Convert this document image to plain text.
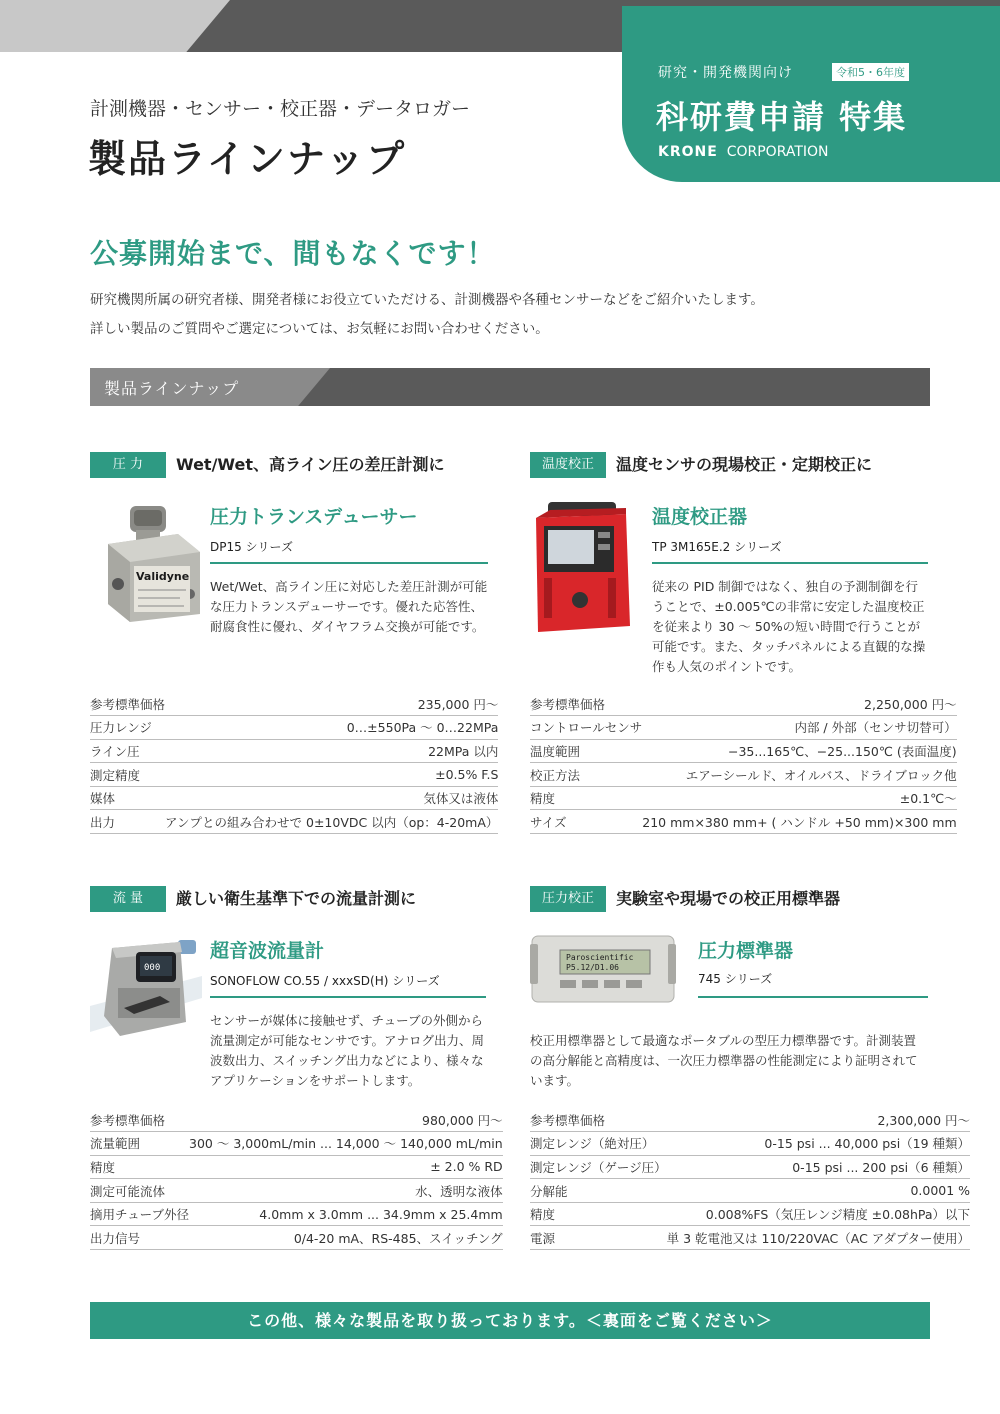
研究・開発機関向け	令和5・6年度
科研費申請 特集
KRONE CORPORATION
計測機器・センサー・校正器・データロガー
製品ラインナップ
公募開始まで、間もなくです！
研究機関所属の研究者様、開発者様にお役立ていただける、計測機器や各種センサーなどをご紹介いたします。
詳しい製品のご質問やご選定については、お気軽にお問い合わせください。
製品ラインナップ
圧 力	Wet/Wet、高ライン圧の差圧計測に
Validyne
圧力トランスデューサー
DP15 シリーズ
Wet/Wet、高ライン圧に対応した差圧計測が可能な圧力トランスデューサーです。優れた応答性、耐腐食性に優れ、ダイヤフラム交換が可能です。
参考標準価格	235,000 円〜
圧力レンジ	0…±550Pa 〜 0…22MPa
ライン圧	22MPa 以内
測定精度	±0.5% F.S
媒体	気体又は液体
出力	アンプとの組み合わせで 0±10VDC 以内（op：4-20mA）
温度校正	温度センサの現場校正・定期校正に
温度校正器
TP 3M165E.2 シリーズ
従来の PID 制御ではなく、独自の予測制御を行うことで、±0.005℃の非常に安定した温度校正を従来より 30 〜 50%の短い時間で行うことが可能です。また、タッチパネルによる直観的な操作も人気のポイントです。
参考標準価格	2,250,000 円〜
コントロールセンサ	内部 / 外部（センサ切替可）
温度範囲	−35...165℃、−25...150℃ (表面温度)
校正方法	エアーシールド、オイルバス、ドライブロック他
精度	±0.1℃〜
サイズ	210 mm×380 mm+ ( ハンドル +50 mm)×300 mm
流 量	厳しい衛生基準下での流量計測に
000
超音波流量計
SONOFLOW CO.55 / xxxSD(H) シリーズ
センサーが媒体に接触せず、チューブの外側から流量測定が可能なセンサです。アナログ出力、周波数出力、スイッチング出力などにより、様々なアプリケーションをサポートします。
参考標準価格	980,000 円〜
流量範囲	300 〜 3,000mL/min ... 14,000 〜 140,000 mL/min
精度	± 2.0 % RD
測定可能流体	水、透明な液体
摘用チューブ外径	4.0mm x 3.0mm ... 34.9mm x 25.4mm
出力信号	0/4-20 mA、RS-485、スイッチング
圧力校正	実験室や現場での校正用標準器
Paroscientific
P5.12/D1.06
圧力標準器
745 シリーズ
校正用標準器として最適なポータブルの型圧力標準器です。計測装置の高分解能と高精度は、一次圧力標準器の性能測定により証明されています。
参考標準価格	2,300,000 円〜
測定レンジ（絶対圧）	0-15 psi ... 40,000 psi（19 種類）
測定レンジ（ゲージ圧）	0-15 psi ... 200 psi（6 種類）
分解能	0.0001 %
精度	0.008%FS（気圧レンジ精度 ±0.08hPa）以下
電源	単 3 乾電池又は 110/220VAC（AC アダプター使用）
この他、様々な製品を取り扱っております。＜裏面をご覧ください＞
